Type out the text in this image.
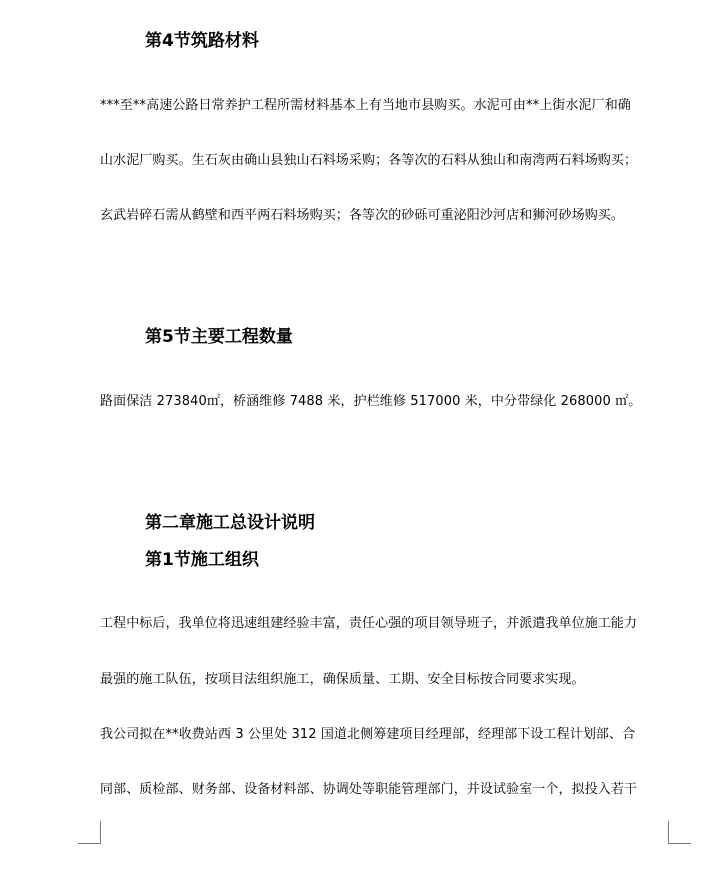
第4节筑路材料
***至**高速公路日常养护工程所需材料基本上有当地市县购买。水泥可由**上街水泥厂和确
山水泥厂购买。生石灰由确山县独山石料场采购；各等次的石料从独山和南湾两石料场购买；
玄武岩碎石需从鹤壁和西平两石料场购买；各等次的砂砾可重泌阳沙河店和狮河砂场购买。
第5节主要工程数量
路面保洁 273840㎡，桥涵维修 7488 米，护栏维修 517000 米，中分带绿化 268000 ㎡。
第二章施工总设计说明
第1节施工组织
工程中标后，我单位将迅速组建经验丰富，责任心强的项目领导班子，并派遣我单位施工能力
最强的施工队伍，按项目法组织施工，确保质量、工期、安全目标按合同要求实现。
我公司拟在**收费站西 3 公里处 312 国道北侧筹建项目经理部，经理部下设工程计划部、合
同部、质检部、财务部、设备材料部、协调处等职能管理部门，并设试验室一个，拟投入若干
